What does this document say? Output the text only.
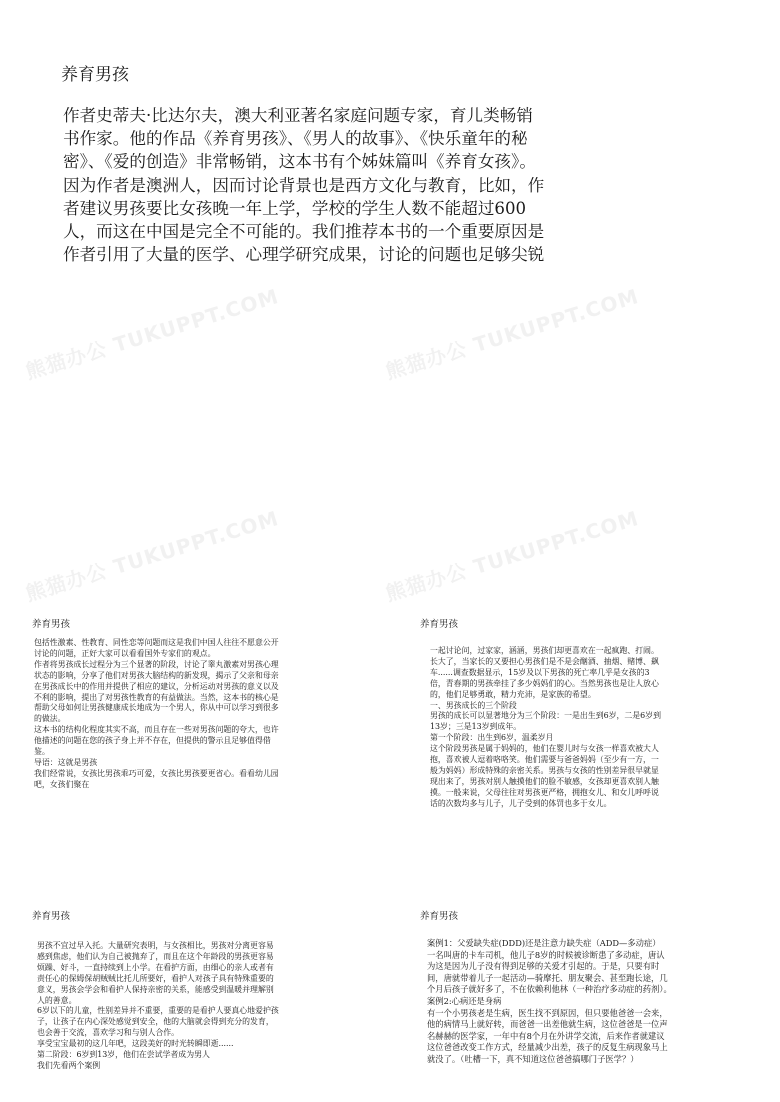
熊猫办公 TUKUPPT.COM	熊猫办公 TUKUPPT.COM
熊猫办公 TUKUPPT.COM	熊猫办公 TUKUPPT.COM
养育男孩

作者史蒂夫·比达尔夫，澳大利亚著名家庭问题专家，育儿类畅销书作家。他的作品《养育男孩》、《男人的故事》、《快乐童年的秘密》、《爱的创造》非常畅销，这本书有个姊妹篇叫《养育女孩》。

因为作者是澳洲人，因而讨论背景也是西方文化与教育，比如，作者建议男孩要比女孩晚一年上学，学校的学生人数不能超过600人，而这在中国是完全不可能的。我们推荐本书的一个重要原因是作者引用了大量的医学、心理学研究成果，讨论的问题也足够尖锐

养育男孩

包括性激素、性教育、同性恋等问题而这是我们中国人往往不愿意公开讨论的问题，正好大家可以看看国外专家们的观点。

作者将男孩成长过程分为三个显著的阶段，讨论了睾丸激素对男孩心理状态的影响，分享了他们对男孩大脑结构的新发现，揭示了父亲和母亲在男孩成长中的作用并提供了相应的建议，分析运动对男孩的意义以及不利的影响，提出了对男孩性教育的有益做法。当然，这本书的核心是帮助父母如何让男孩健康成长地成为一个男人，你从中可以学习到很多的做法。

这本书的结构化程度其实不高，而且存在一些对男孩问题的夸大，也许他描述的问题在您的孩子身上并不存在，但提供的警示且足够值得借鉴。

导语：这就是男孩

我们经常说，女孩比男孩乖巧可爱，女孩比男孩要更省心。看看幼儿园吧，女孩们聚在

养育男孩

一起讨论问，过家家，涵涵，男孩们却更喜欢在一起疯跑、打闹。长大了，当家长的又要担心男孩们是不是会酗酒、抽烟、赌博、飙车......调查数据显示，15岁及以下男孩的死亡率几乎是女孩的3倍，青春期的男孩牵挂了多少妈妈们的心。当然男孩也是让人放心的，他们足够勇敢，精力充沛，是家族的希望。

一、男孩成长的三个阶段

男孩的成长可以显著地分为三个阶段：一是出生到6岁，二是6岁到13岁；三是13岁到成年。

第一个阶段：出生到6岁，温柔岁月

这个阶段男孩是属于妈妈的，他们在婴儿时与女孩一样喜欢被大人抱，喜欢被人逗着咯咯笑。他们需要与爸爸妈妈（至少有一方，一般为妈妈）形成特殊的亲密关系。男孩与女孩的性别差异很早就显现出来了，男孩对别人触摸他们的脸不敏感，女孩却更喜欢别人触摸。一般来说，父母往往对男孩更严格，拥抱女儿、和女儿呼呼说话的次数均多与儿子，儿子受到的体罚也多于女儿。

养育男孩

男孩不宜过早入托。大量研究表明，与女孩相比，男孩对分离更容易感到焦虑，他们认为自己被抛弃了，而且在这个年龄段的男孩更容易烦躁、好斗，一直持续到上小学。在看护方面，由细心的亲人或者有责任心的保姆保胡贼贼比托儿所要好，看护人对孩子具有特殊重要的意义，男孩会学会和看护人保持亲密的关系，能感受到温暖并理解别人的善意。

6岁以下的儿童，性别差异并不重要，重要的是看护人要真心地爱护孩子，让孩子在内心深处感觉到安全，他的大脑就会得到充分的发育，也会善于交流，喜欢学习和与别人合作。

享受宝宝最初的这几年吧，这段美好的时光转瞬即逝......

第二阶段：6岁到13岁，他们在尝试学者成为男人

我们先看两个案例

养育男孩

案例1：父爱缺失症(DDD)还是注意力缺失症（ADD—多动症）

一名叫唐的卡车司机，他儿子8岁的时候被诊断患了多动症，唐认为这是因为儿子没有得到足够的关爱才引起的。于是，只要有时间，唐就带着儿子一起活动—骑摩托、朋友聚会、甚至跑长途，几个月后孩子就好多了，不在依赖利他林（一种治疗多动症的药剂）。

案例2:心病还是身病

有一个小男孩老是生病，医生找不到原因，但只要他爸爸一会来，他的病情马上就好转，而爸爸一出差他就生病，这位爸爸是一位声名赫赫的医学家，一年中有8个月在外讲学交流，后来作者就建议这位爸爸改变工作方式，经量减少出差，孩子的反复生病现象马上就没了。（吐槽一下，真不知道这位爸爸搞哪门子医学？）
